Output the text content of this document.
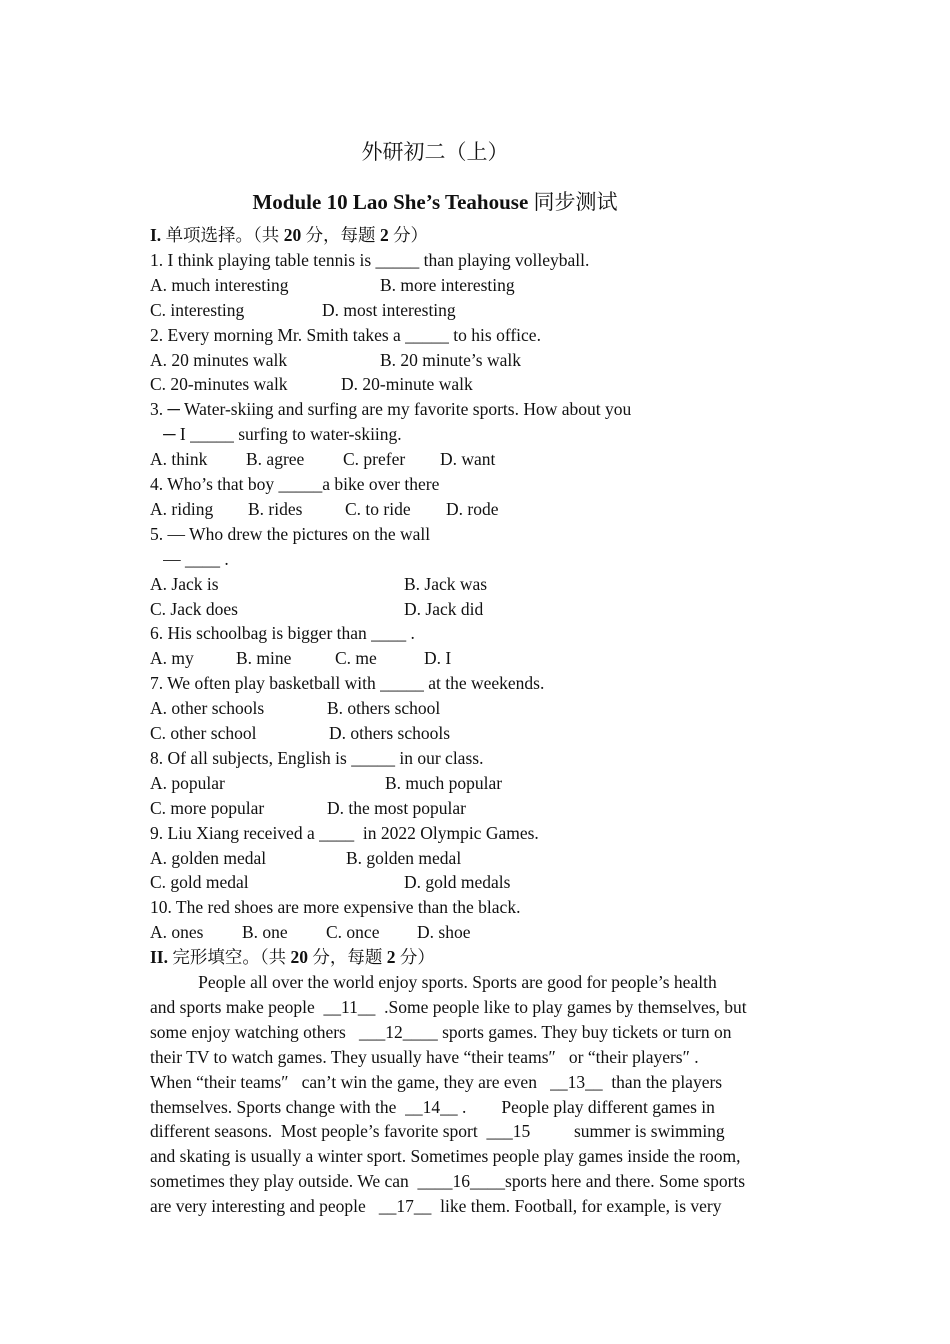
外研初二（上）
Module 10 Lao She’s Teahouse 同步测试
I. 单项选择。（共 20 分，每题 2 分）
1. I think playing table tennis is _____ than playing volleyball.
A. much interesting	B. more interesting
C. interesting	D. most interesting
2. Every morning Mr. Smith takes a _____ to his office.
A. 20 minutes walk	B. 20 minute’s walk
C. 20-minutes walk	D. 20-minute walk
3. ─ Water-skiing and surfing are my favorite sports. How about you
─ I _____ surfing to water-skiing.
A. think B. agree C. prefer D. want
4. Who’s that boy _____a bike over there
A. riding B. rides C. to ride D. rode
5. — Who drew the pictures on the wall
— ____ .
A. Jack is	B. Jack was
C. Jack does	D. Jack did
6. His schoolbag is bigger than ____ .
A. my B. mine C. me	D. I
7. We often play basketball with _____ at the weekends.
A. other schools	B. others school
C. other school	D. others schools
8. Of all subjects, English is _____ in our class.
A. popular	B. much popular
C. more popular	D. the most popular
9. Liu Xiang received a ____  in 2022 Olympic Games.
A. golden medal	B. golden medal
C. gold medal	D. gold medals
10. The red shoes are more expensive than the black.
A. ones B. one C. once D. shoe
II. 完形填空。（共 20 分，每题 2 分）
People all over the world enjoy sports. Sports are good for people’s health
and sports make people  __11__  .Some people like to play games by themselves, but
some enjoy watching others   ___12____ sports games. They buy tickets or turn on
their TV to watch games. They usually have “their teams″   or “their players″ .
When “their teams″   can’t win the game, they are even   __13__  than the players
themselves. Sports change with the  __14__ .        People play different games in
different seasons.  Most people’s favorite sport  ___15          summer is swimming
and skating is usually a winter sport. Sometimes people play games inside the room,
sometimes they play outside. We can  ____16____sports here and there. Some sports
are very interesting and people   __17__  like them. Football, for example, is very
